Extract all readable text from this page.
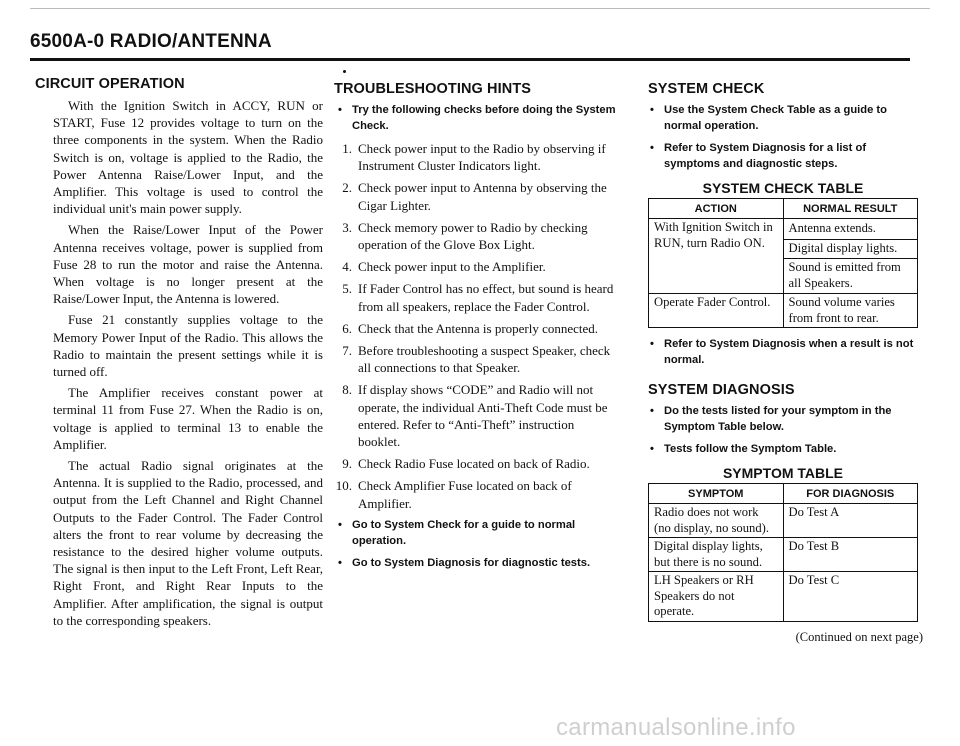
6500A-0 RADIO/ANTENNA
CIRCUIT OPERATION

With the Ignition Switch in ACCY, RUN or START, Fuse 12 provides voltage to turn on the three components in the system. When the Radio Switch is on, voltage is applied to the Radio, the Power Antenna Raise/Lower Input, and the Amplifier. This voltage is used to control the individual unit's main power supply.

When the Raise/Lower Input of the Power Antenna receives voltage, power is supplied from Fuse 28 to run the motor and raise the Antenna. When voltage is no longer present at the Raise/Lower Input, the Antenna is lowered.

Fuse 21 constantly supplies voltage to the Memory Power Input of the Radio. This allows the Radio to maintain the present settings while it is turned off.

The Amplifier receives constant power at terminal 11 from Fuse 27. When the Radio is on, voltage is applied to terminal 13 to enable the Amplifier.

The actual Radio signal originates at the Antenna. It is supplied to the Radio, processed, and output from the Left Channel and Right Channel Outputs to the Fader Control. The Fader Control alters the front to rear volume by decreasing the resistance to the desired higher volume outputs. The signal is then input to the Left Front, Left Rear, Right Front, and Right Rear Inputs to the Amplifier. After amplification, the signal is output to the corresponding speakers.

TROUBLESHOOTING HINTS
• Try the following checks before doing the System Check.
1. Check power input to the Radio by observing if Instrument Cluster Indicators light.
2. Check power input to Antenna by observing the Cigar Lighter.
3. Check memory power to Radio by checking operation of the Glove Box Light.
4. Check power input to the Amplifier.
5. If Fader Control has no effect, but sound is heard from all speakers, replace the Fader Control.
6. Check that the Antenna is properly connected.
7. Before troubleshooting a suspect Speaker, check all connections to that Speaker.
8. If display shows “CODE” and Radio will not operate, the individual Anti-Theft Code must be entered. Refer to “Anti-Theft” instruction booklet.
9. Check Radio Fuse located on back of Radio.
10. Check Amplifier Fuse located on back of Amplifier.
• Go to System Check for a guide to normal operation.
• Go to System Diagnosis for diagnostic tests.
SYSTEM CHECK
• Use the System Check Table as a guide to normal operation.
• Refer to System Diagnosis for a list of symptoms and diagnostic steps.
SYSTEM CHECK TABLE
ACTION	NORMAL RESULT
With Ignition Switch in RUN, turn Radio ON.	Antenna extends.
Digital display lights.
Sound is emitted from all Speakers.

Operate Fader Control.	Sound volume varies from front to rear.
• Refer to System Diagnosis when a result is not normal.
SYSTEM DIAGNOSIS
• Do the tests listed for your symptom in the Symptom Table below.
• Tests follow the Symptom Table.
SYMPTOM TABLE
SYMPTOM	FOR DIAGNOSIS
Radio does not work (no display, no sound).	Do Test A
Digital display lights, but there is no sound.	Do Test B
LH Speakers or RH Speakers do not operate.	Do Test C
(Continued on next page)
carmanualsonline.info
